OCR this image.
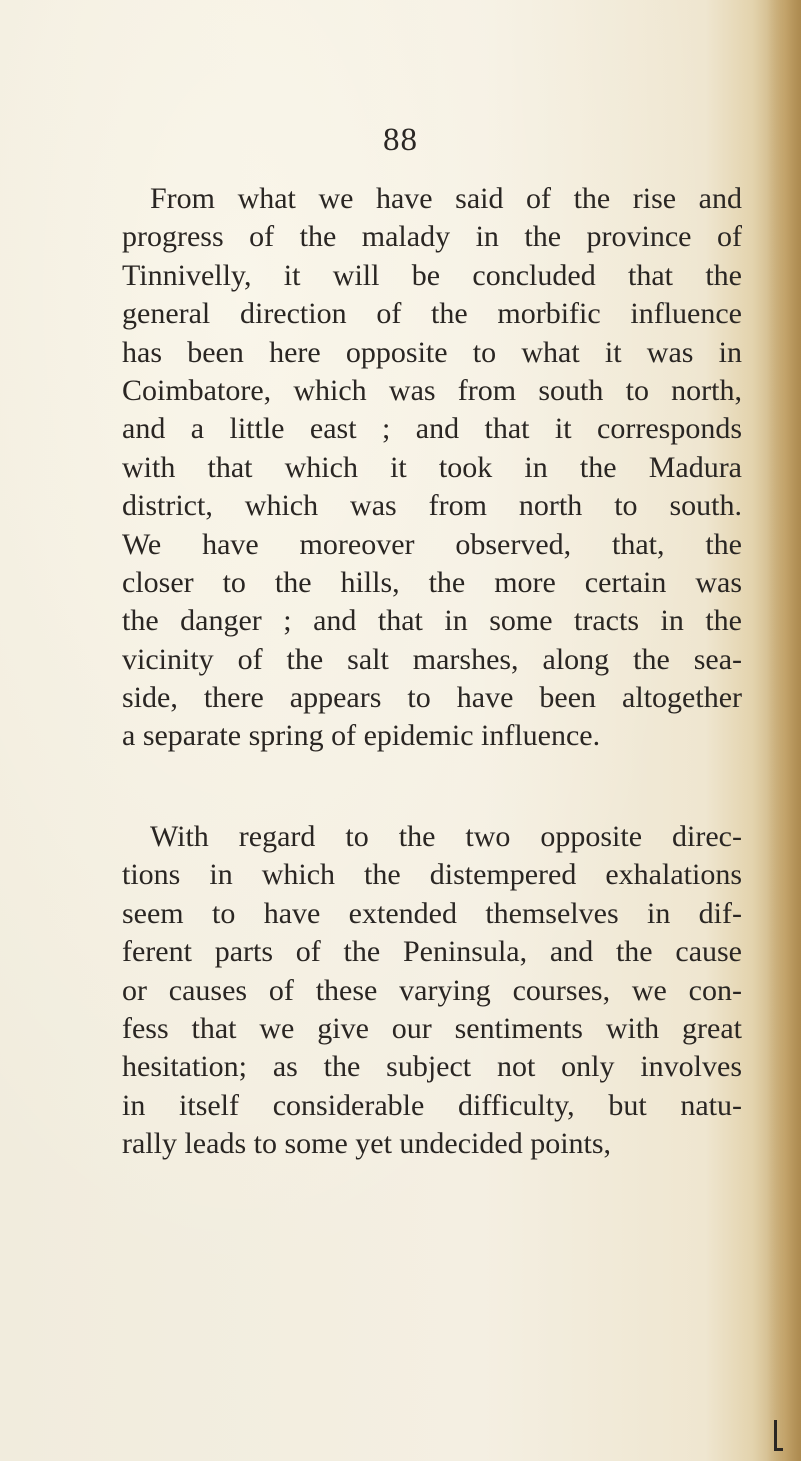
88
From what we have said of the rise and
progress of the malady in the province of
Tinnivelly, it will be concluded that the
general direction of the morbific influence
has been here opposite to what it was in
Coimbatore, which was from south to north,
and a little east ; and that it corresponds
with that which it took in the Madura
district, which was from north to south.
We have moreover observed, that, the
closer to the hills, the more certain was
the danger ; and that in some tracts in the
vicinity of the salt marshes, along the sea-
side, there appears to have been altogether
a separate spring of epidemic influence.
With regard to the two opposite direc-
tions in which the distempered exhalations
seem to have extended themselves in dif-
ferent parts of the Peninsula, and the cause
or causes of these varying courses, we con-
fess that we give our sentiments with great
hesitation; as the subject not only involves
in itself considerable difficulty, but natu-
rally leads to some yet undecided points,
